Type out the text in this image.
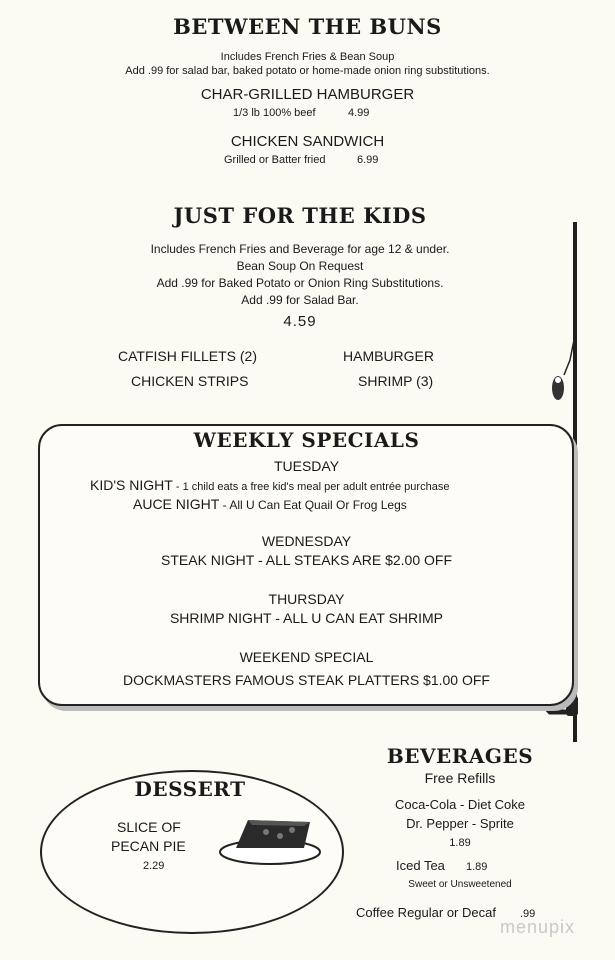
BETWEEN THE BUNS
Includes French Fries & Bean Soup
Add .99 for salad bar, baked potato or home-made onion ring substitutions.
CHAR-GRILLED HAMBURGER
1/3 lb 100% beef	4.99
CHICKEN SANDWICH
Grilled or Batter fried	6.99
JUST FOR THE KIDS
Includes French Fries and Beverage for age 12 & under.
Bean Soup On Request
Add .99 for Baked Potato or Onion Ring Substitutions.
Add .99 for Salad Bar.
4.59
CATFISH FILLETS (2)	HAMBURGER
CHICKEN STRIPS	SHRIMP (3)
WEEKLY SPECIALS
TUESDAY
KID'S NIGHT - 1 child eats a free kid's meal per adult entrée purchase
AUCE NIGHT - All U Can Eat Quail Or Frog Legs
WEDNESDAY
STEAK NIGHT - ALL STEAKS ARE $2.00 OFF
THURSDAY
SHRIMP NIGHT - ALL U CAN EAT SHRIMP
WEEKEND SPECIAL
DOCKMASTERS FAMOUS STEAK PLATTERS $1.00 OFF
DESSERT
SLICE OF
PECAN PIE
2.29
BEVERAGES
Free Refills
Coca-Cola - Diet Coke
Dr. Pepper - Sprite
1.89
Iced Tea 1.89
Sweet or Unsweetened
Coffee Regular or Decaf .99
menupix
